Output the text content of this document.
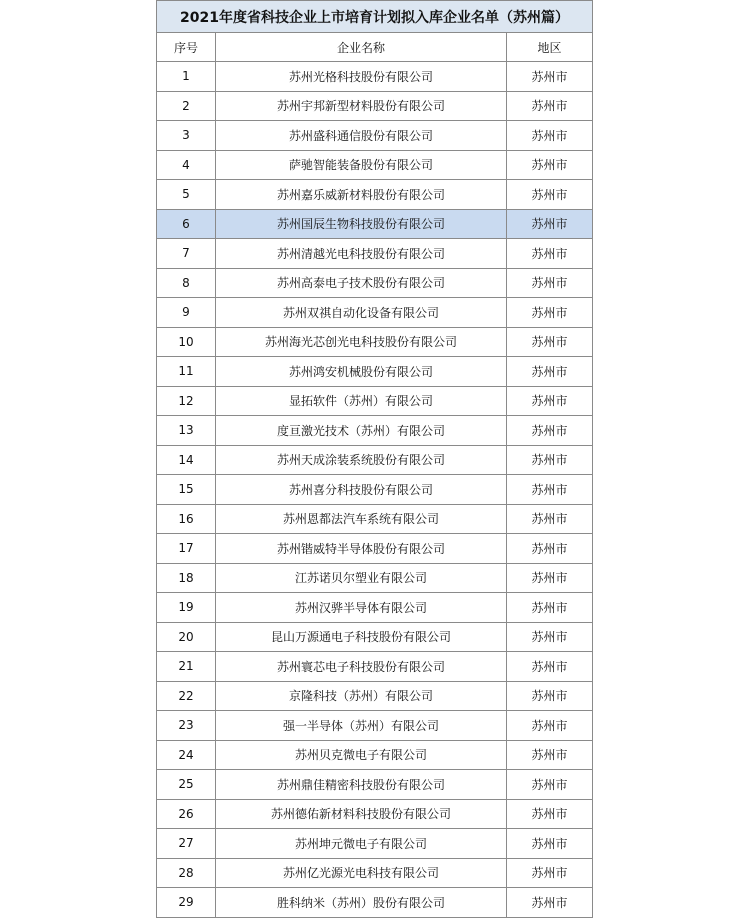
2021年度省科技企业上市培育计划拟入库企业名单（苏州篇）		
序号	企业名称	地区
1	苏州光格科技股份有限公司	苏州市
2	苏州宇邦新型材料股份有限公司	苏州市
3	苏州盛科通信股份有限公司	苏州市
4	萨驰智能装备股份有限公司	苏州市
5	苏州嘉乐威新材料股份有限公司	苏州市
6	苏州国辰生物科技股份有限公司	苏州市
7	苏州清越光电科技股份有限公司	苏州市
8	苏州高泰电子技术股份有限公司	苏州市
9	苏州双祺自动化设备有限公司	苏州市
10	苏州海光芯创光电科技股份有限公司	苏州市
11	苏州鸿安机械股份有限公司	苏州市
12	显拓软件（苏州）有限公司	苏州市
13	度亘激光技术（苏州）有限公司	苏州市
14	苏州天成涂装系统股份有限公司	苏州市
15	苏州喜分科技股份有限公司	苏州市
16	苏州恩都法汽车系统有限公司	苏州市
17	苏州锴威特半导体股份有限公司	苏州市
18	江苏诺贝尔塑业有限公司	苏州市
19	苏州汉骅半导体有限公司	苏州市
20	昆山万源通电子科技股份有限公司	苏州市
21	苏州寰芯电子科技股份有限公司	苏州市
22	京隆科技（苏州）有限公司	苏州市
23	强一半导体（苏州）有限公司	苏州市
24	苏州贝克微电子有限公司	苏州市
25	苏州鼎佳精密科技股份有限公司	苏州市
26	苏州德佑新材料科技股份有限公司	苏州市
27	苏州坤元微电子有限公司	苏州市
28	苏州亿光源光电科技有限公司	苏州市
29	胜科纳米（苏州）股份有限公司	苏州市
